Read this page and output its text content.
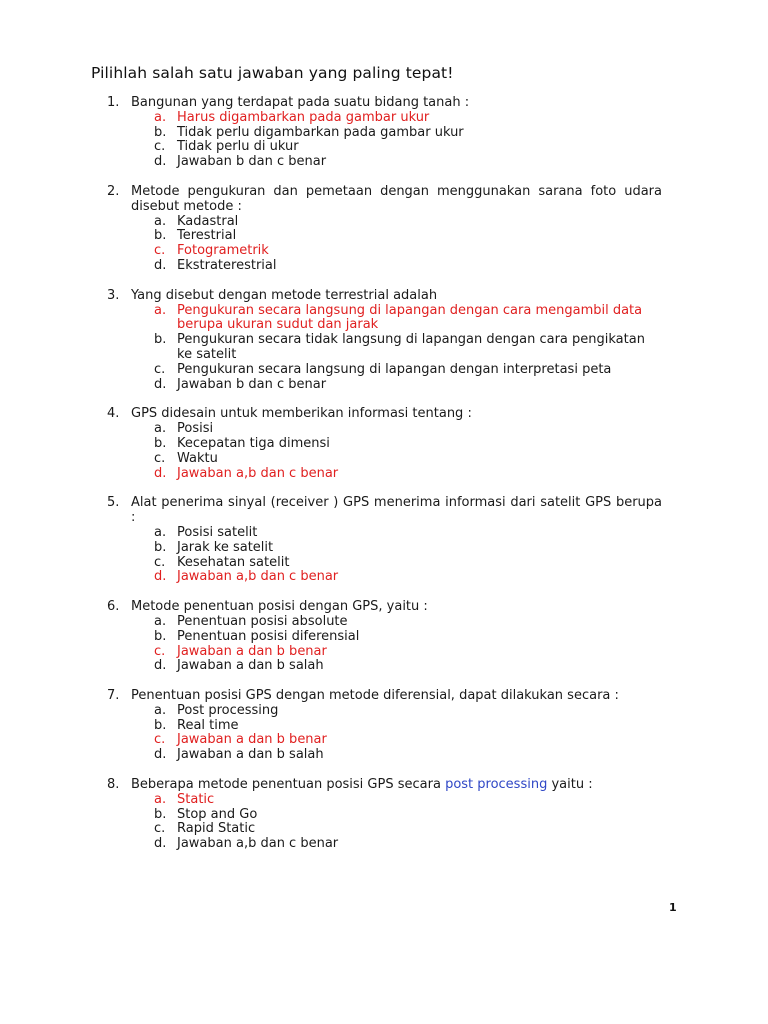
Pilihlah salah satu jawaban yang paling tepat!
1. Bangunan yang terdapat pada suatu bidang tanah :
a. Harus digambarkan pada gambar ukur
b. Tidak perlu digambarkan pada gambar ukur
c. Tidak perlu di ukur
d. Jawaban b dan c benar
2. Metode pengukuran dan pemetaan dengan menggunakan sarana foto udara disebut metode :
a. Kadastral
b. Terestrial
c. Fotogrametrik
d. Ekstraterestrial
3. Yang disebut dengan metode terrestrial adalah
a. Pengukuran secara langsung di lapangan dengan cara mengambil data berupa ukuran sudut dan jarak
b. Pengukuran secara tidak langsung di lapangan dengan cara pengikatan ke satelit
c. Pengukuran secara langsung di lapangan dengan interpretasi peta
d. Jawaban b dan c benar
4. GPS didesain untuk memberikan informasi tentang :
a. Posisi
b. Kecepatan tiga dimensi
c. Waktu
d. Jawaban a,b dan c benar
5. Alat penerima sinyal (receiver ) GPS menerima informasi dari satelit GPS berupa :
a. Posisi satelit
b. Jarak ke satelit
c. Kesehatan satelit
d. Jawaban a,b dan c benar
6. Metode penentuan posisi dengan GPS, yaitu :
a. Penentuan posisi absolute
b. Penentuan posisi diferensial
c. Jawaban a dan b benar
d. Jawaban a dan b salah
7. Penentuan posisi GPS dengan metode diferensial, dapat dilakukan secara :
a. Post processing
b. Real time
c. Jawaban a dan b benar
d. Jawaban a dan b salah
8. Beberapa metode penentuan posisi GPS secara post processing yaitu :
a. Static
b. Stop and Go
c. Rapid Static
d. Jawaban a,b dan c benar
1
